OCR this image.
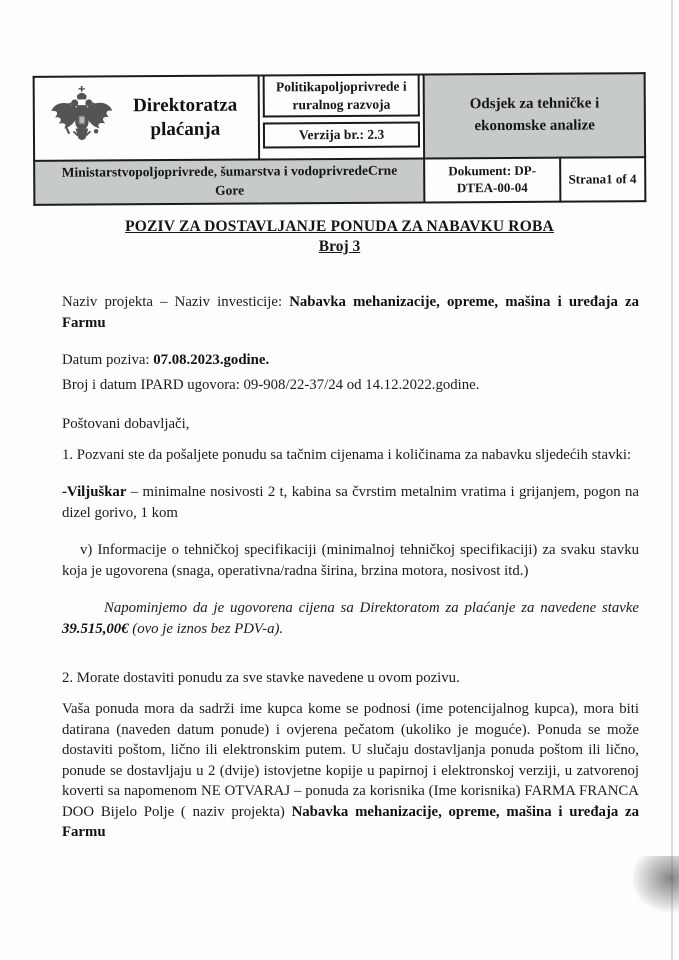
Direktoratza plaćanja	Politikapoljoprivrede i ruralnog razvoja
Verzija br.: 2.3	Odsjek za tehničke i ekonomske analize	
Ministarstvopoljoprivrede, šumarstva i vodoprivredeCrne Gore		Dokument: DP-DTEA-00-04	Strana1 of 4
POZIV ZA DOSTAVLJANJE PONUDA ZA NABAVKU ROBA
Broj 3

Naziv projekta – Naziv investicije: Nabavka mehanizacije, opreme, mašina i uređaja za Farmu

Datum poziva: 07.08.2023.godine.

Broj i datum IPARD ugovora: 09-908/22-37/24 od 14.12.2022.godine.

Poštovani dobavljači,

1. Pozvani ste da pošaljete ponudu sa tačnim cijenama i količinama za nabavku sljedećih stavki:

-Viljuškar – minimalne nosivosti 2 t, kabina sa čvrstim metalnim vratima i grijanjem, pogon na dizel gorivo, 1 kom

v) Informacije o tehničkoj specifikaciji (minimalnoj tehničkoj specifikaciji) za svaku stavku koja je ugovorena (snaga, operativna/radna širina, brzina motora, nosivost itd.)

Napominjemo da je ugovorena cijena sa Direktoratom za plaćanje za navedene stavke 39.515,00€ (ovo je iznos bez PDV-a).

2. Morate dostaviti ponudu za sve stavke navedene u ovom pozivu.

Vaša ponuda mora da sadrži ime kupca kome se podnosi (ime potencijalnog kupca), mora biti datirana (naveden datum ponude) i ovjerena pečatom (ukoliko je moguće). Ponuda se može dostaviti poštom, lično ili elektronskim putem. U slučaju dostavljanja ponuda poštom ili lično, ponude se dostavljaju u 2 (dvije) istovjetne kopije u papirnoj i elektronskoj verziji, u zatvorenoj koverti sa napomenom NE OTVARAJ – ponuda za korisnika (Ime korisnika) FARMA FRANCA DOO Bijelo Polje ( naziv projekta) Nabavka mehanizacije, opreme, mašina i uređaja za Farmu
